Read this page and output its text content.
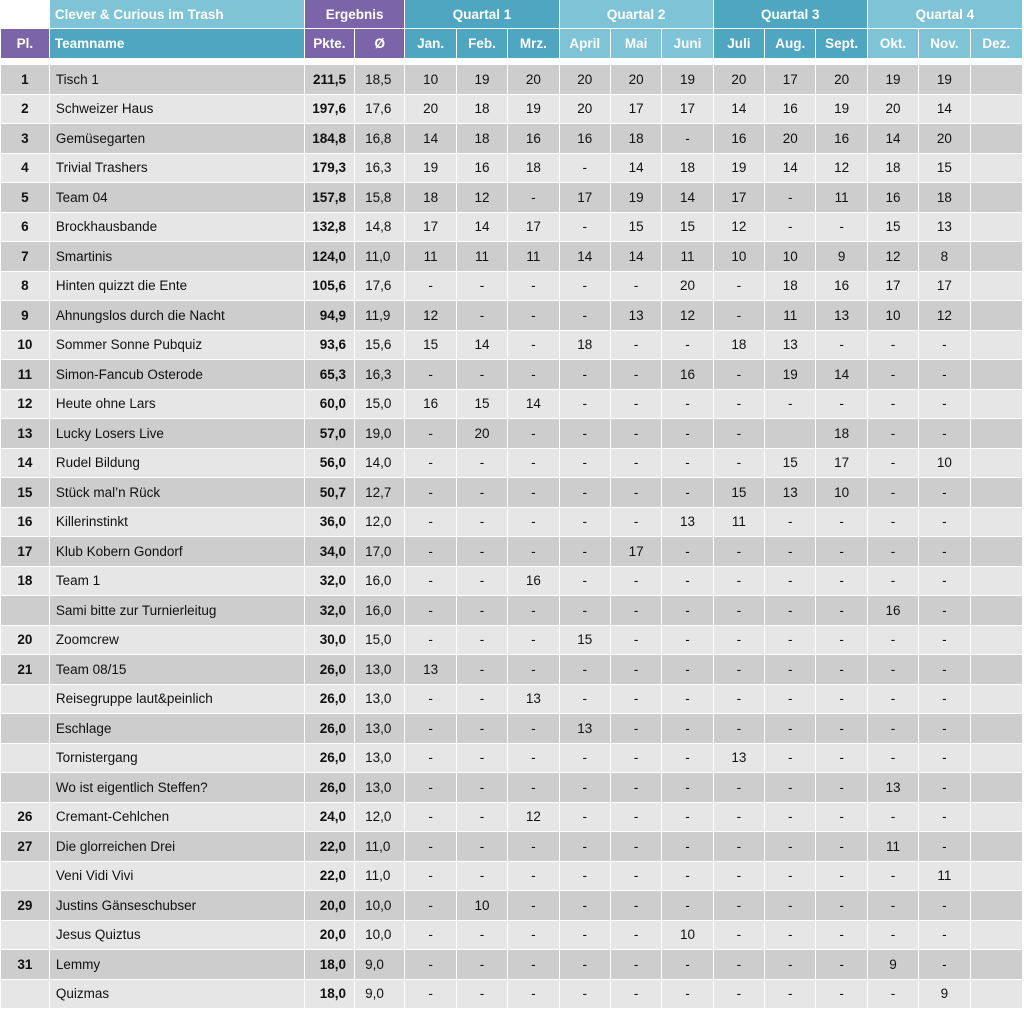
	Clever & Curious im Trash	Ergebnis		Quartal 1			Quartal 2			Quartal 3			Quartal 4		
Pl.	Teamname	Pkte.	Ø	Jan.	Feb.	Mrz.	April	Mai	Juni	Juli	Aug.	Sept.	Okt.	Nov.	Dez.

1	Tisch 1	211,5	18,5	10	19	20	20	20	19	20	17	20	19	19	
2	Schweizer Haus	197,6	17,6	20	18	19	20	17	17	14	16	19	20	14	
3	Gemüsegarten	184,8	16,8	14	18	16	16	18	-	16	20	16	14	20	
4	Trivial Trashers	179,3	16,3	19	16	18	-	14	18	19	14	12	18	15	
5	Team 04	157,8	15,8	18	12	-	17	19	14	17	-	11	16	18	
6	Brockhausbande	132,8	14,8	17	14	17	-	15	15	12	-	-	15	13	
7	Smartinis	124,0	11,0	11	11	11	14	14	11	10	10	9	12	8	
8	Hinten quizzt die Ente	105,6	17,6	-	-	-	-	-	20	-	18	16	17	17	
9	Ahnungslos durch die Nacht	94,9	11,9	12	-	-	-	13	12	-	11	13	10	12	
10	Sommer Sonne Pubquiz	93,6	15,6	15	14	-	18	-	-	18	13	-	-	-	
11	Simon-Fancub Osterode	65,3	16,3	-	-	-	-	-	16	-	19	14	-	-	
12	Heute ohne Lars	60,0	15,0	16	15	14	-	-	-	-	-	-	-	-	
13	Lucky Losers Live	57,0	19,0	-	20	-	-	-	-	-		18	-	-	
14	Rudel Bildung	56,0	14,0	-	-	-	-	-	-	-	15	17	-	10	
15	Stück mal’n Rück	50,7	12,7	-	-	-	-	-	-	15	13	10	-	-	
16	Killerinstinkt	36,0	12,0	-	-	-	-	-	13	11	-	-	-	-	
17	Klub Kobern Gondorf	34,0	17,0	-	-	-	-	17	-	-	-	-	-	-	
18	Team 1	32,0	16,0	-	-	16	-	-	-	-	-	-	-	-	
	Sami bitte zur Turnierleitug	32,0	16,0	-	-	-	-	-	-	-	-	-	16	-	
20	Zoomcrew	30,0	15,0	-	-	-	15	-	-	-	-	-	-	-	
21	Team 08/15	26,0	13,0	13	-	-	-	-	-	-	-	-	-	-	
	Reisegruppe laut&peinlich	26,0	13,0	-	-	13	-	-	-	-	-	-	-	-	
	Eschlage	26,0	13,0	-	-	-	13	-	-	-	-	-	-	-	
	Tornistergang	26,0	13,0	-	-	-	-	-	-	13	-	-	-	-	
	Wo ist eigentlich Steffen?	26,0	13,0	-	-	-	-	-	-	-	-	-	13	-	
26	Cremant-Cehlchen	24,0	12,0	-	-	12	-	-	-	-	-	-	-	-	
27	Die glorreichen Drei	22,0	11,0	-	-	-	-	-	-	-	-	-	11	-	
	Veni Vidi Vivi	22,0	11,0	-	-	-	-	-	-	-	-	-	-	11	
29	Justins Gänseschubser	20,0	10,0	-	10	-	-	-	-	-	-	-	-	-	
	Jesus Quiztus	20,0	10,0	-	-	-	-	-	10	-	-	-	-	-	
31	Lemmy	18,0	9,0	-	-	-	-	-	-	-	-	-	9	-	
	Quizmas	18,0	9,0	-	-	-	-	-	-	-	-	-	-	9	
